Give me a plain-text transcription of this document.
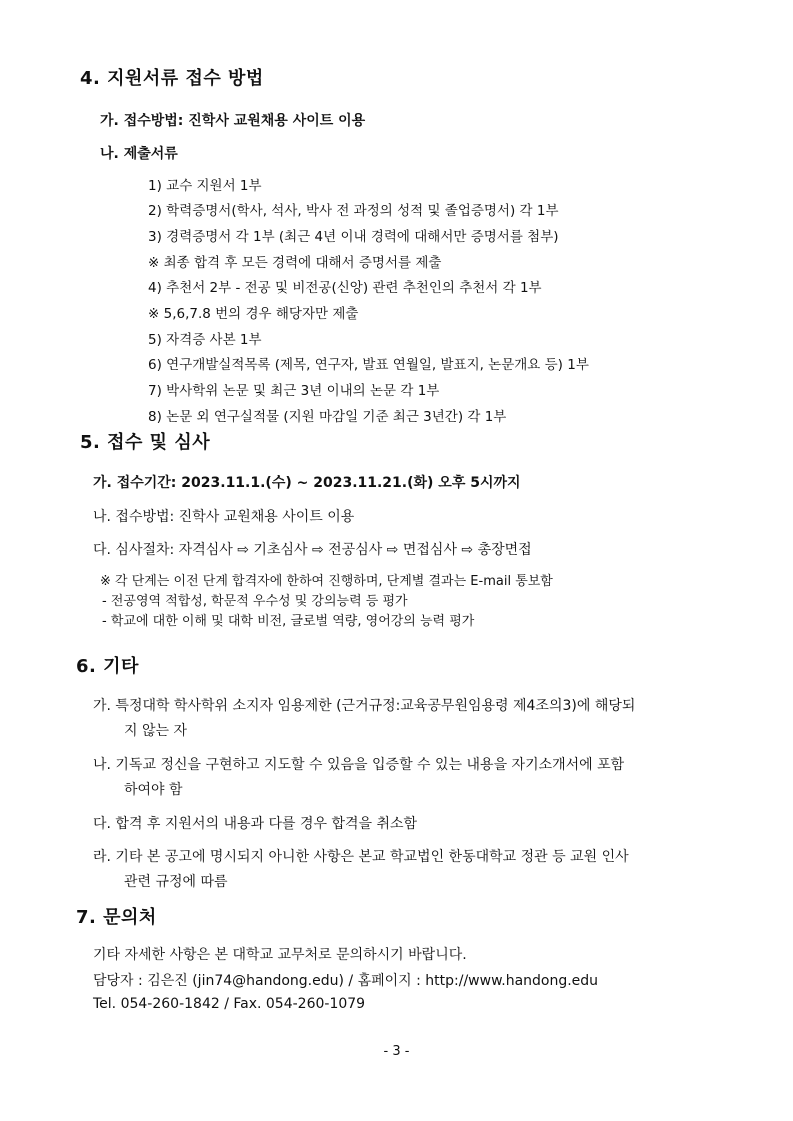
4. 지원서류 접수 방법
가. 접수방법: 진학사 교원채용 사이트 이용
나. 제출서류
1) 교수 지원서 1부
2) 학력증명서(학사, 석사, 박사 전 과정의 성적 및 졸업증명서) 각 1부
3) 경력증명서 각 1부 (최근 4년 이내 경력에 대해서만 증명서를 첨부)
※ 최종 합격 후 모든 경력에 대해서 증명서를 제출
4) 추천서 2부 - 전공 및 비전공(신앙) 관련 추천인의 추천서 각 1부
※ 5,6,7.8 번의 경우 해당자만 제출
5) 자격증 사본 1부
6) 연구개발실적목록 (제목, 연구자, 발표 연월일, 발표지, 논문개요 등) 1부
7) 박사학위 논문 및 최근 3년 이내의 논문 각 1부
8) 논문 외 연구실적물 (지원 마감일 기준 최근 3년간) 각 1부
5. 접수 및 심사
가. 접수기간: 2023.11.1.(수) ~ 2023.11.21.(화) 오후 5시까지
나. 접수방법: 진학사 교원채용 사이트 이용
다. 심사절차: 자격심사 ⇨ 기초심사 ⇨ 전공심사 ⇨ 면접심사 ⇨ 총장면접
※ 각 단계는 이전 단계 합격자에 한하여 진행하며, 단계별 결과는 E-mail 통보함
- 전공영역 적합성, 학문적 우수성 및 강의능력 등 평가
- 학교에 대한 이해 및 대학 비전, 글로벌 역량, 영어강의 능력 평가
6. 기타
가. 특정대학 학사학위 소지자 임용제한 (근거규정:교육공무원임용령 제4조의3)에 해당되
지 않는 자
나. 기독교 정신을 구현하고 지도할 수 있음을 입증할 수 있는 내용을 자기소개서에 포함
하여야 함
다. 합격 후 지원서의 내용과 다를 경우 합격을 취소함
라. 기타 본 공고에 명시되지 아니한 사항은 본교 학교법인 한동대학교 정관 등 교원 인사
관련 규정에 따름
7. 문의처
기타 자세한 사항은 본 대학교 교무처로 문의하시기 바랍니다.
담당자 : 김은진 (jin74@handong.edu) / 홈페이지 : http://www.handong.edu
Tel. 054-260-1842 / Fax. 054-260-1079
- 3 -
